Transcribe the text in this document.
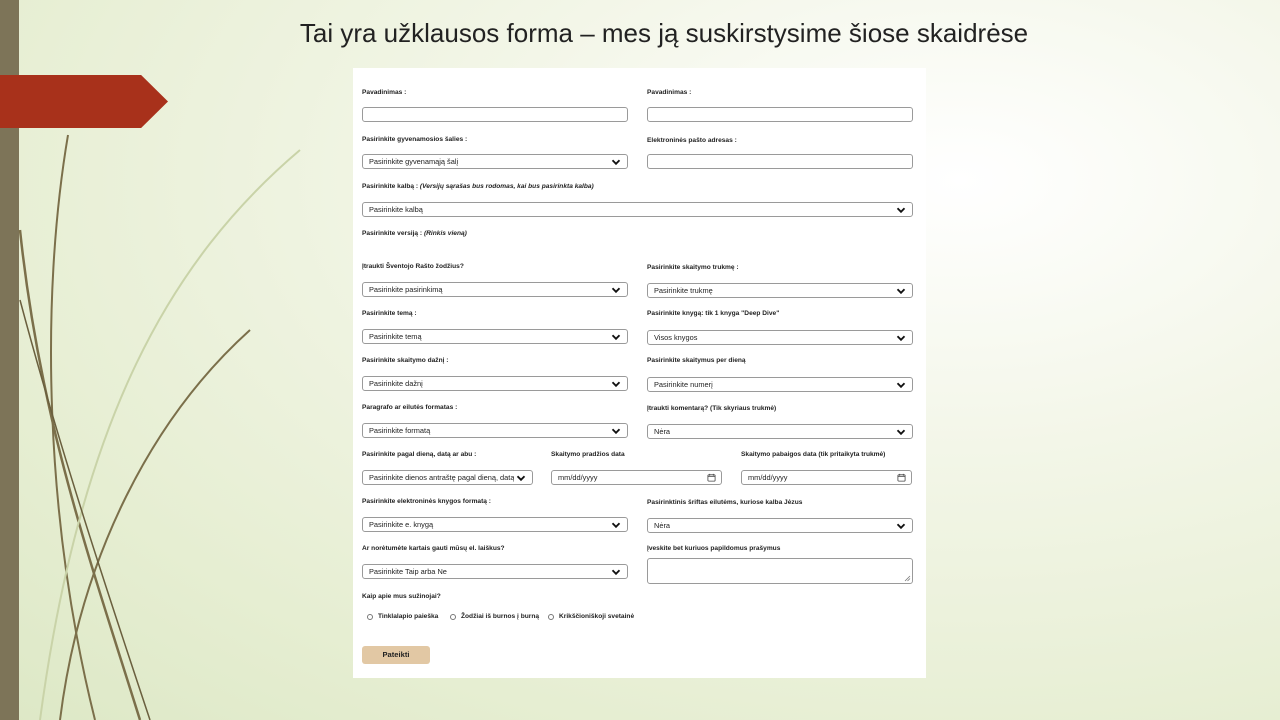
Tai yra užklausos forma – mes ją suskirstysime šiose skaidrėse
Pavadinimas :	Pavadinimas :
Pasirinkite gyvenamosios šalies :	Elektroninės pašto adresas :
Pasirinkite gyvenamąją šalį
Pasirinkite kalbą : (Versijų sąrašas bus rodomas, kai bus pasirinkta kalba)
Pasirinkite kalbą
Pasirinkite versiją : (Rinkis vieną)
Įtraukti Šventojo Rašto žodžius?	Pasirinkite skaitymo trukmę :
Pasirinkite pasirinkimą	Pasirinkite trukmę
Pasirinkite temą :	Pasirinkite knygą: tik 1 knyga "Deep Dive"
Pasirinkite temą	Visos knygos
Pasirinkite skaitymo dažnį :	Pasirinkite skaitymus per dieną
Pasirinkite dažnį	Pasirinkite numerį
Paragrafo ar eilutės formatas :	Įtraukti komentarą? (Tik skyriaus trukmė)
Pasirinkite formatą	Nėra
Pasirinkite pagal dieną, datą ar abu :	Skaitymo pradžios data	Skaitymo pabaigos data (tik pritaikyta trukmė)
Pasirinkite dienos antraštę pagal dieną, datą	mm/dd/yyyy	mm/dd/yyyy
Pasirinkite elektroninės knygos formatą :	Pasirinktinis šriftas eilutėms, kuriose kalba Jėzus
Pasirinkite e. knygą	Nėra
Ar norėtumėte kartais gauti mūsų el. laiškus?	Įveskite bet kuriuos papildomus prašymus
Pasirinkite Taip arba Ne
Kaip apie mus sužinojai?
Tinklalapio paieška	Žodžiai iš burnos į burną	Krikščioniškoji svetainė
Pateikti
